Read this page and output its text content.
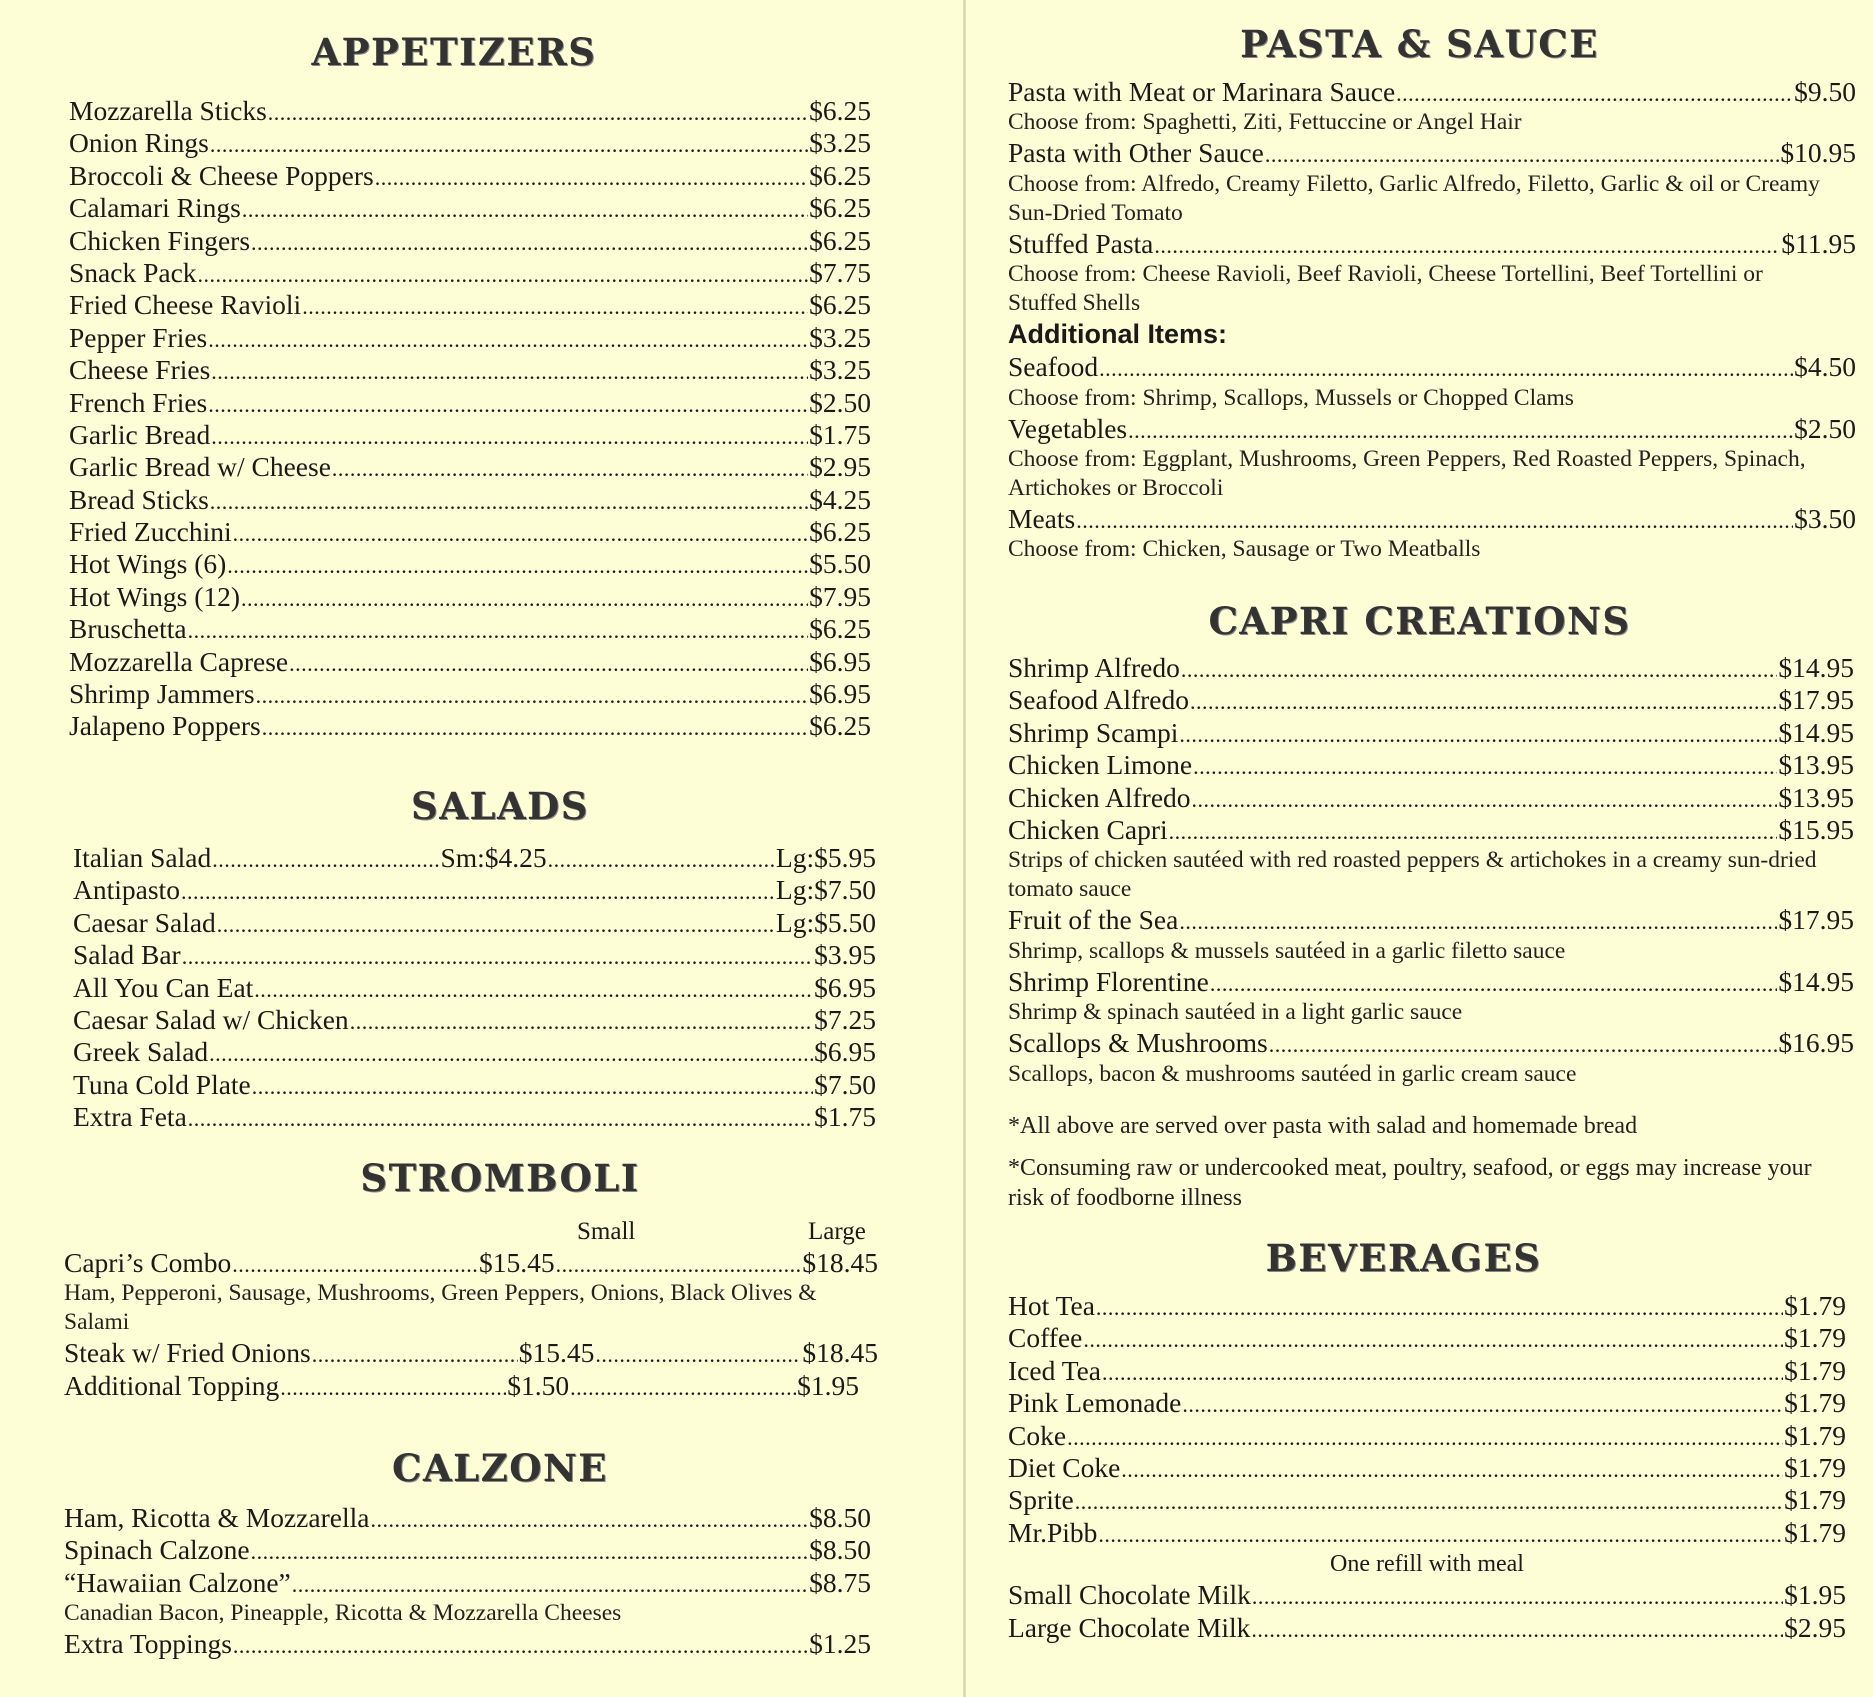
APPETIZERS
Mozzarella Sticks .....	$6.25
Onion Rings .....	$3.25
Broccoli & Cheese Poppers .....	$6.25
Calamari Rings .....	$6.25
Chicken Fingers .....	$6.25
Snack Pack .....	$7.75
Fried Cheese Ravioli .....	$6.25
Pepper Fries .....	$3.25
Cheese Fries .....	$3.25
French Fries .....	$2.50
Garlic Bread .....	$1.75
Garlic Bread w/ Cheese .....	$2.95
Bread Sticks .....	$4.25
Fried Zucchini .....	$6.25
Hot Wings (6) .....	$5.50
Hot Wings (12) .....	$7.95
Bruschetta .....	$6.25
Mozzarella Caprese .....	$6.95
Shrimp Jammers .....	$6.95
Jalapeno Poppers .....	$6.25
SALADS
Italian Salad .....	Sm:$4.25 .....	Lg:$5.95
Antipasto .....	Lg:$7.50
Caesar Salad .....	Lg:$5.50
Salad Bar .....	$3.95
All You Can Eat .....	$6.95
Caesar Salad w/ Chicken .....	$7.25
Greek Salad .....	$6.95
Tuna Cold Plate .....	$7.50
Extra Feta .....	$1.75
STROMBOLI
Small	Large
Capri’s Combo .....	$15.45 .....	$18.45
Ham, Pepperoni, Sausage, Mushrooms, Green Peppers, Onions, Black Olives & Salami
Steak w/ Fried Onions .....	$15.45 .....	$18.45
Additional Topping .....	$1.50 .....	$1.95
CALZONE
Ham, Ricotta & Mozzarella .....	$8.50
Spinach Calzone .....	$8.50
“Hawaiian Calzone” .....	$8.75
Canadian Bacon, Pineapple, Ricotta & Mozzarella Cheeses
Extra Toppings .....	$1.25
PASTA & SAUCE
Pasta with Meat or Marinara Sauce .....	$9.50
Choose from: Spaghetti, Ziti, Fettuccine or Angel Hair
Pasta with Other Sauce .....	$10.95
Choose from: Alfredo, Creamy Filetto, Garlic Alfredo, Filetto, Garlic & oil or Creamy Sun-Dried Tomato
Stuffed Pasta .....	$11.95
Choose from: Cheese Ravioli, Beef Ravioli, Cheese Tortellini, Beef Tortellini or Stuffed Shells
Additional Items:
Seafood .....	$4.50
Choose from: Shrimp, Scallops, Mussels or Chopped Clams
Vegetables .....	$2.50
Choose from: Eggplant, Mushrooms, Green Peppers, Red Roasted Peppers, Spinach, Artichokes or Broccoli
Meats .....	$3.50
Choose from: Chicken, Sausage or Two Meatballs
CAPRI CREATIONS
Shrimp Alfredo .....	$14.95
Seafood Alfredo .....	$17.95
Shrimp Scampi .....	$14.95
Chicken Limone .....	$13.95
Chicken Alfredo .....	$13.95
Chicken Capri .....	$15.95
Strips of chicken sautéed with red roasted peppers & artichokes in a creamy sun-dried tomato sauce
Fruit of the Sea .....	$17.95
Shrimp, scallops & mussels sautéed in a garlic filetto sauce
Shrimp Florentine .....	$14.95
Shrimp & spinach sautéed in a light garlic sauce
Scallops & Mushrooms .....	$16.95
Scallops, bacon & mushrooms sautéed in garlic cream sauce
*All above are served over pasta with salad and homemade bread
*Consuming raw or undercooked meat, poultry, seafood, or eggs may increase your risk of foodborne illness
BEVERAGES
Hot Tea .....	$1.79
Coffee .....	$1.79
Iced Tea .....	$1.79
Pink Lemonade .....	$1.79
Coke .....	$1.79
Diet Coke .....	$1.79
Sprite .....	$1.79
Mr.Pibb .....	$1.79
One refill with meal
Small Chocolate Milk .....	$1.95
Large Chocolate Milk .....	$2.95
